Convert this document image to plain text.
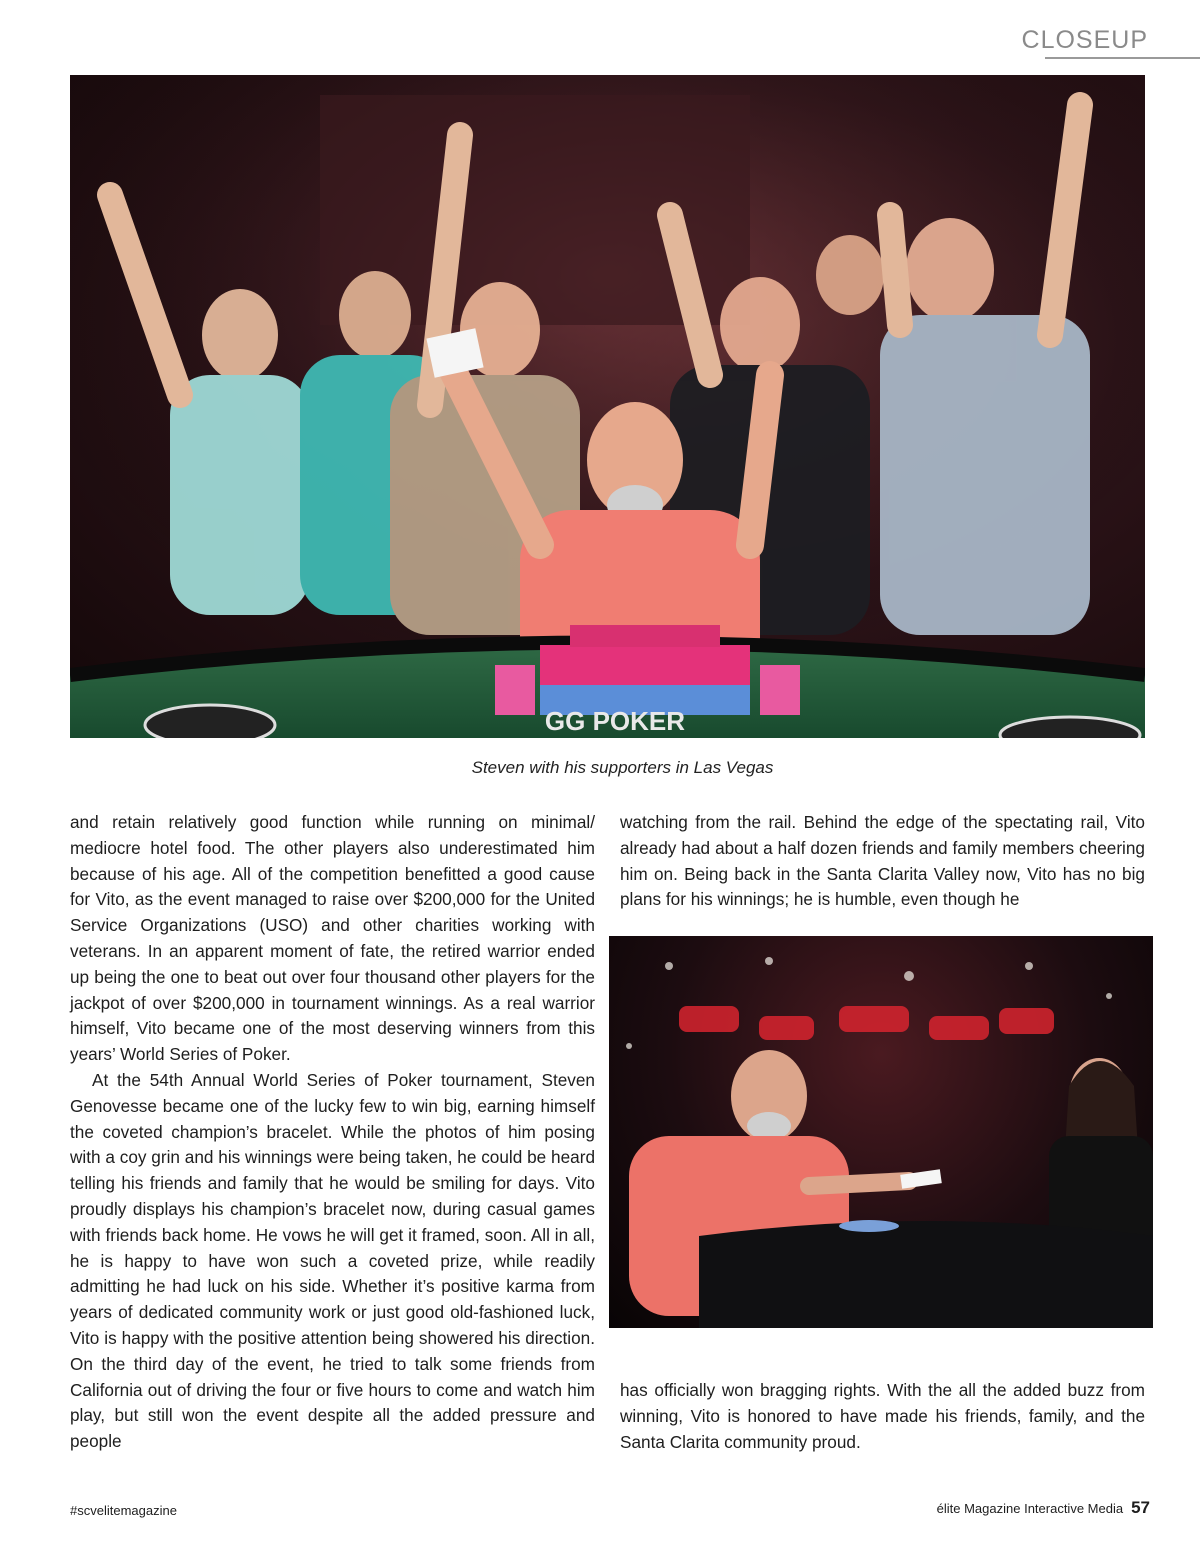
CLOSEUP
GG POKER
Steven with his supporters in Las Vegas

and retain relatively good function while running on minimal/ mediocre hotel food. The other players also underestimated him because of his age. All of the competition benefitted a good cause for Vito, as the event managed to raise over $200,000 for the United Service Organizations (USO) and other charities working with veterans. In an apparent moment of fate, the retired warrior ended up being the one to beat out over four thousand other players for the jackpot of over $200,000 in tournament winnings. As a real warrior himself, Vito became one of the most deserving winners from this years’ World Series of Poker.

At the 54th Annual World Series of Poker tournament, Steven Genovesse became one of the lucky few to win big, earning himself the coveted champion’s bracelet. While the photos of him posing with a coy grin and his winnings were being taken, he could be heard telling his friends and family that he would be smiling for days. Vito proudly displays his champion’s bracelet now, during casual games with friends back home. He vows he will get it framed, soon. All in all, he is happy to have won such a coveted prize, while readily admitting he had luck on his side. Whether it’s positive karma from years of dedicated community work or just good old-fashioned luck, Vito is happy with the positive attention being showered his direction. On the third day of the event, he tried to talk some friends from California out of driving the four or five hours to come and watch him play, but still won the event despite all the added pressure and people

watching from the rail. Behind the edge of the spectating rail, Vito already had about a half dozen friends and family members cheering him on. Being back in the Santa Clarita Valley now, Vito has no big plans for his winnings; he is humble, even though he

has officially won bragging rights. With the all the added buzz from winning, Vito is honored to have made his friends, family, and the Santa Clarita community proud.

#scvelitemagazine	élite Magazine Interactive Media 57
